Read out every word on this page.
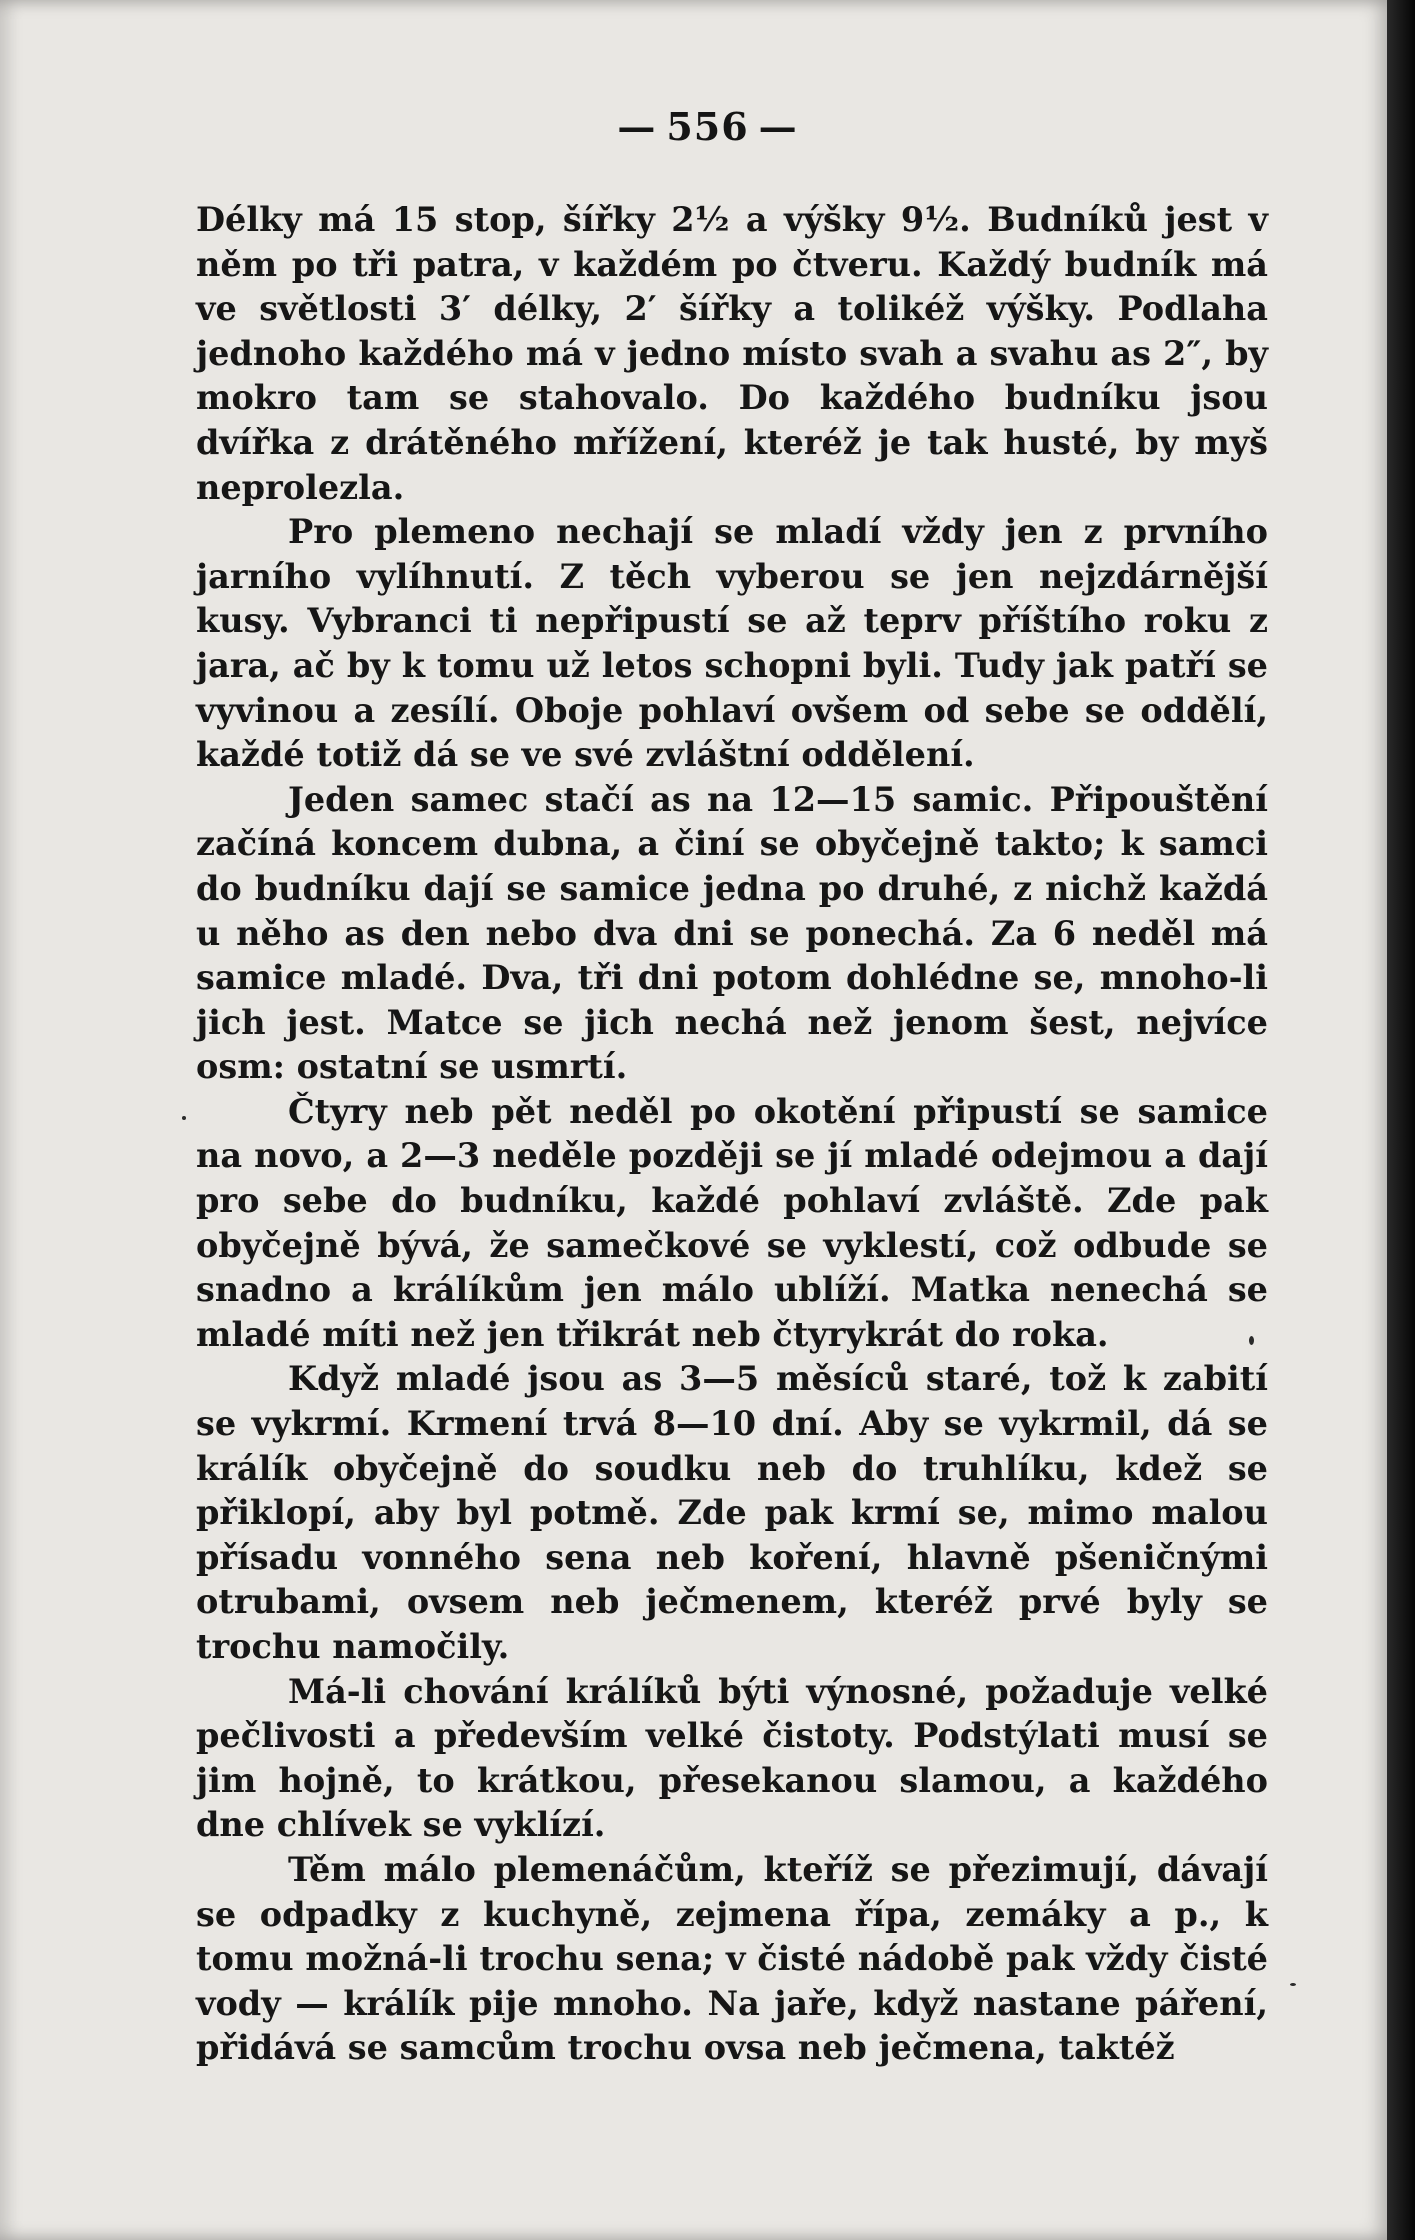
— 556 —

Délky má 15 stop, šířky 2½ a výšky 9½. Budníků jest v něm po tři patra, v každém po čtveru. Každý budník má ve světlosti 3′ délky, 2′ šířky a tolikéž výšky. Podlaha jednoho každého má v jedno místo svah a svahu as 2″, by mokro tam se stahovalo. Do každého budníku jsou dvířka z drátěného mřížení, kteréž je tak husté, by myš neprolezla.

Pro plemeno nechají se mladí vždy jen z prvního jarního vylíhnutí. Z těch vyberou se jen nejzdárnější kusy. Vybranci ti nepřipustí se až teprv příštího roku z jara, ač by k tomu už letos schopni byli. Tudy jak patří se vyvinou a zesílí. Oboje pohlaví ovšem od sebe se oddělí, každé totiž dá se ve své zvláštní oddělení.

Jeden samec stačí as na 12—15 samic. Připouštění začíná koncem dubna, a činí se obyčejně takto; k samci do budníku dají se samice jedna po druhé, z nichž každá u něho as den nebo dva dni se ponechá. Za 6 neděl má samice mladé. Dva, tři dni potom dohlédne se, mnoho-li jich jest. Matce se jich nechá než jenom šest, nejvíce osm: ostatní se usmrtí.

Čtyry neb pět neděl po okotění připustí se samice na novo, a 2—3 neděle později se jí mladé odejmou a dají pro sebe do budníku, každé pohlaví zvláště. Zde pak obyčejně bývá, že samečkové se vyklestí, což odbude se snadno a králíkům jen málo ublíží. Matka nenechá se mladé míti než jen třikrát neb čtyrykrát do roka.

Když mladé jsou as 3—5 měsíců staré, tož k zabití se vykrmí. Krmení trvá 8—10 dní. Aby se vykrmil, dá se králík obyčejně do soudku neb do truhlíku, kdež se přiklopí, aby byl potmě. Zde pak krmí se, mimo malou přísadu vonného sena neb koření, hlavně pšeničnými otrubami, ovsem neb ječmenem, kteréž prvé byly se trochu namočily.

Má-li chování králíků býti výnosné, požaduje velké pečlivosti a především velké čistoty. Podstýlati musí se jim hojně, to krátkou, přesekanou slamou, a každého dne chlívek se vyklízí.

Těm málo plemenáčům, kteříž se přezimují, dávají se odpadky z kuchyně, zejmena řípa, zemáky a p., k tomu možná-li trochu sena; v čisté nádobě pak vždy čisté vody — králík pije mnoho. Na jaře, když nastane páření, přidává se samcům trochu ovsa neb ječmena, taktéž
